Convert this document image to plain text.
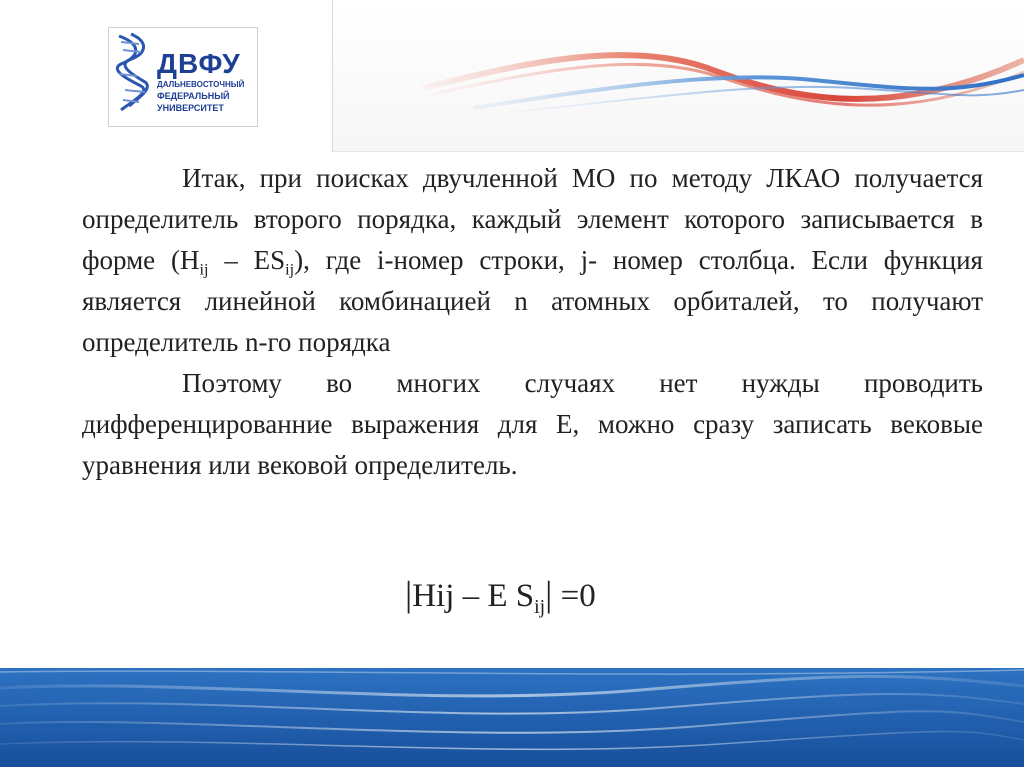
ДВФУ
ДАЛЬНЕВОСТОЧНЫЙ
ФЕДЕРАЛЬНЫЙ
УНИВЕРСИТЕТ

Итак, при поисках двучленной МО по методу ЛКАО получается определитель второго порядка, каждый элемент которого записывается в форме $(H_{ij} - ES_{ij})$, где i-номер строки, j- номер столбца. Если функция является линейной комбинацией n атомных орбиталей, то получают определитель n-го порядка

Поэтому во многих случаях нет нужды проводить дифференцированние выражения для Е, можно сразу записать вековые уравнения или вековой определитель.

|Hij – E $S_{ij}| =0$
